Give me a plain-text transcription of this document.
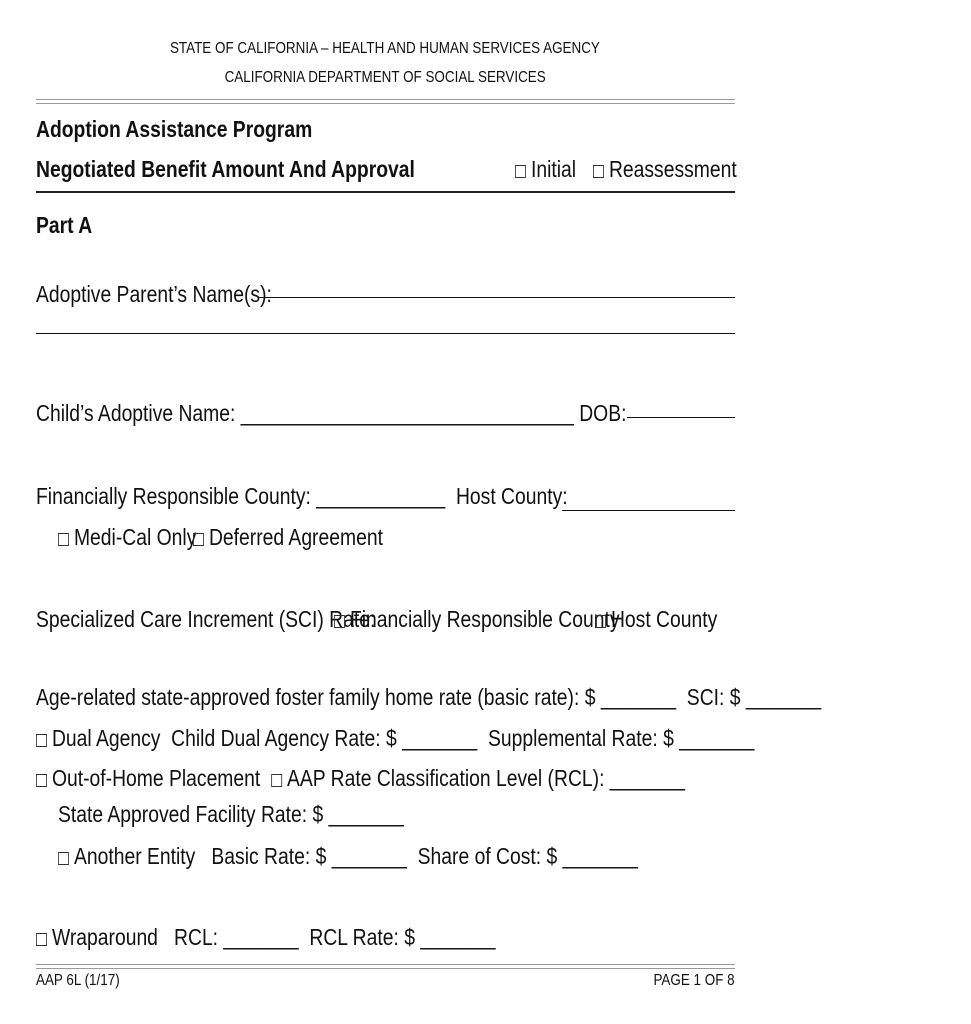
STATE OF CALIFORNIA – HEALTH AND HUMAN SERVICES AGENCY
CALIFORNIA DEPARTMENT OF SOCIAL SERVICES
Adoption Assistance Program
Negotiated Benefit Amount And Approval	Initial	Reassessment
Part A
Adoptive Parent’s Name(s):
Child’s Adoptive Name: _______________________________ DOB:
Financially Responsible County: ____________ Host County:
Medi-Cal Only Deferred Agreement
Specialized Care Increment (SCI) Rate:
Financially Responsible County
Host County
Age-related state-approved foster family home rate (basic rate): $ _______ SCI: $ _______
Dual Agency Child Dual Agency Rate: $ _______ Supplemental Rate: $ _______
Out-of-Home Placement AAP Rate Classification Level (RCL): _______
State Approved Facility Rate: $ _______
Another Entity Basic Rate: $ _______ Share of Cost: $ _______
Wraparound RCL: _______ RCL Rate: $ _______
AAP 6L (1/17)	PAGE 1 OF 8
